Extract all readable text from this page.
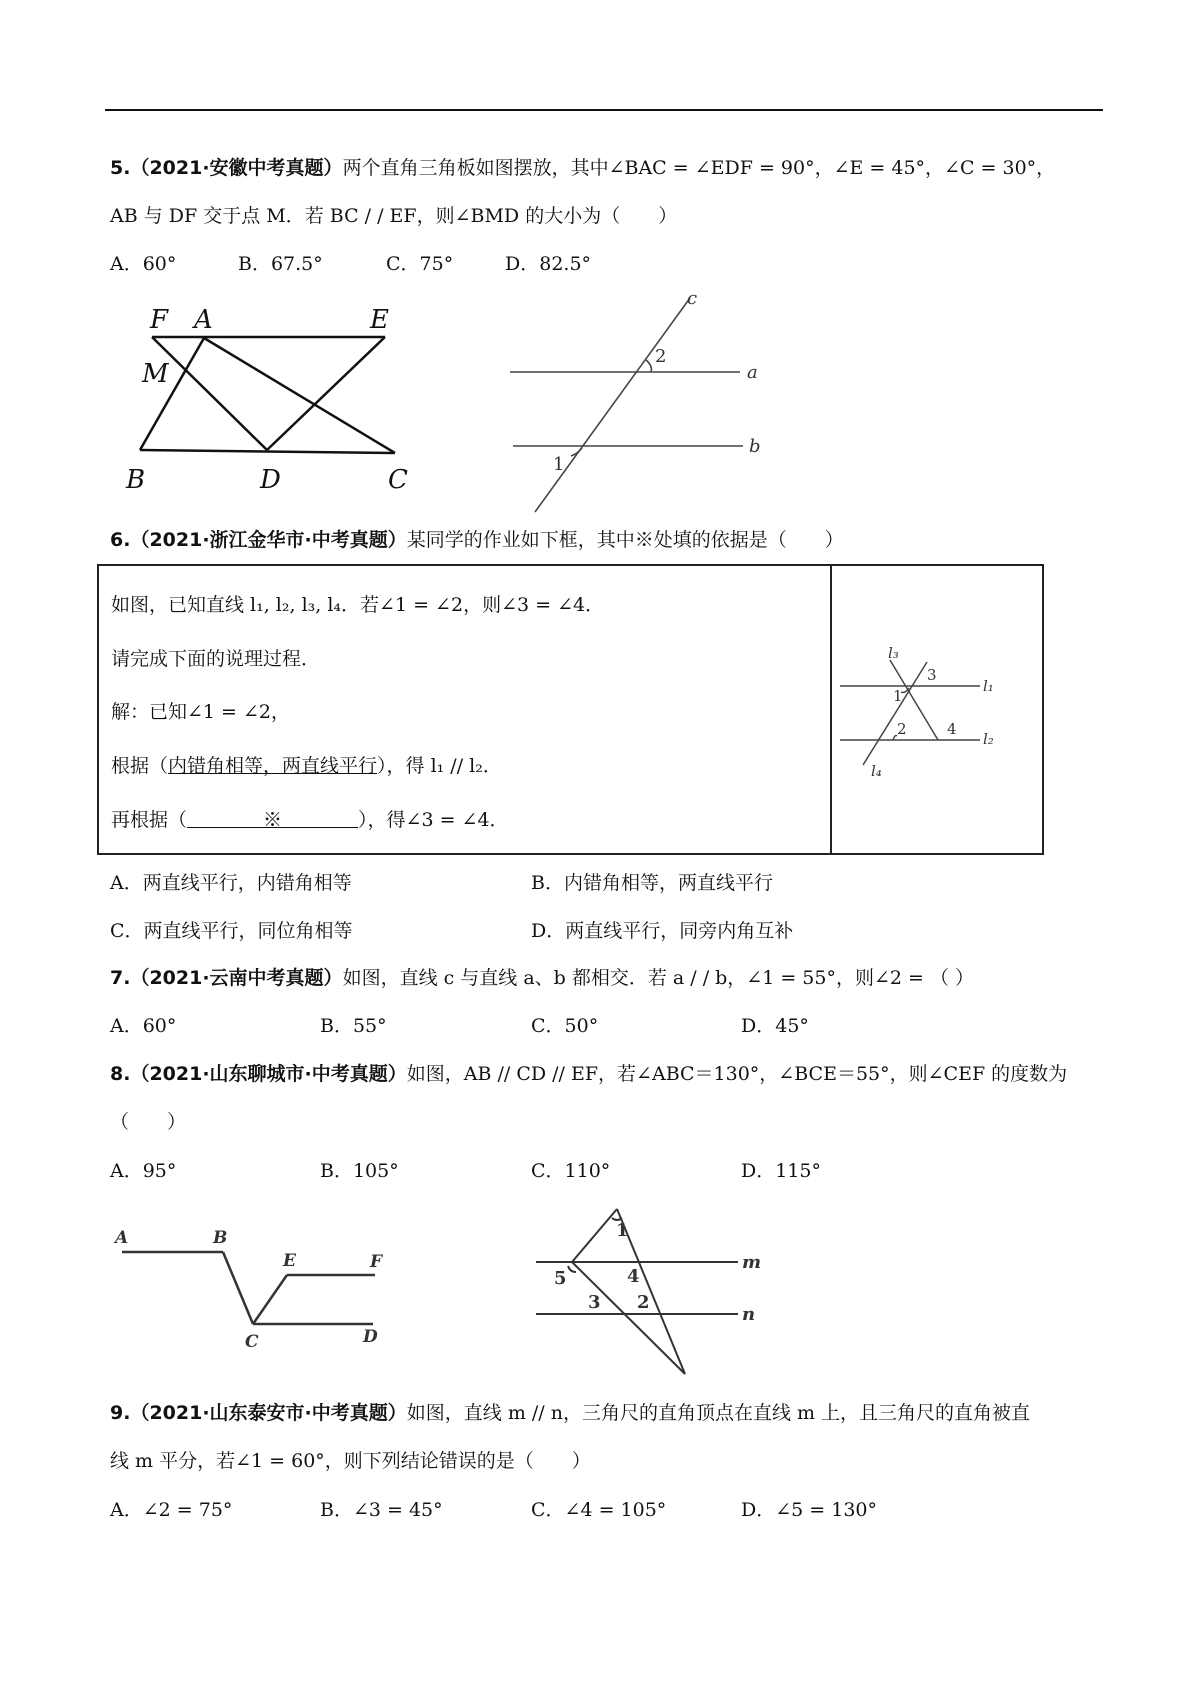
5.（2021·安徽中考真题）两个直角三角板如图摆放，其中∠BAC = ∠EDF = 90°，∠E = 45°，∠C = 30°，
AB 与 DF 交于点 M．若 BC / / EF，则∠BMD 的大小为（　　）
A．60°	B．67.5°	C．75°	D．82.5°
F A	E
M
B	D	C
c
a
b
2
1
6.（2021·浙江金华市·中考真题）某同学的作业如下框，其中※处填的依据是（　　）
如图，已知直线 l₁, l₂, l₃, l₄．若∠1 = ∠2，则∠3 = ∠4．
请完成下面的说理过程．
解：已知∠1 = ∠2，
根据（内错角相等，两直线平行），得 l₁ // l₂．
再根据（　　　　※　　　　），得∠3 = ∠4．
l₃
l₁
l₂
l₄
1
2
3
4
A．两直线平行，内错角相等	B．内错角相等，两直线平行
C．两直线平行，同位角相等	D．两直线平行，同旁内角互补
7.（2021·云南中考真题）如图，直线 c 与直线 a、b 都相交．若 a / / b，∠1 = 55°，则∠2 = （ ）
A．60°	B．55°	C．50°	D．45°
8.（2021·山东聊城市·中考真题）如图，AB // CD // EF，若∠ABC＝130°，∠BCE＝55°，则∠CEF 的度数为
（　　）
A．95°	B．105°	C．110°	D．115°
A	B
E	F
C	D
1
2
3
4
5
m
n
9.（2021·山东泰安市·中考真题）如图，直线 m // n，三角尺的直角顶点在直线 m 上，且三角尺的直角被直
线 m 平分，若∠1 = 60°，则下列结论错误的是（　　）
A．∠2 = 75°	B．∠3 = 45°	C．∠4 = 105°	D．∠5 = 130°
